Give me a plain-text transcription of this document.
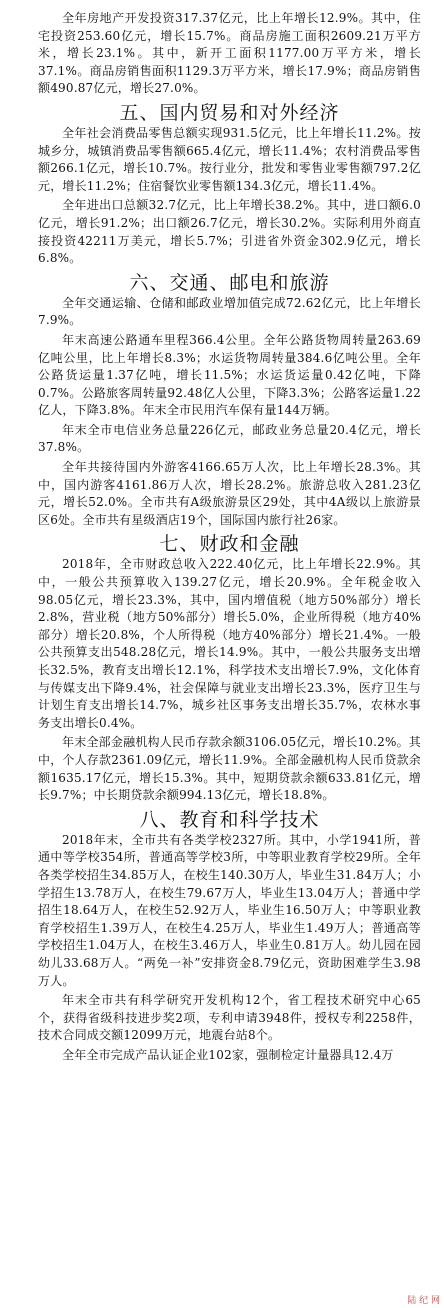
全年房地产开发投资317.37亿元，比上年增长12.9%。其中，住宅投资253.60亿元，增长15.7%。商品房施工面积2609.21万平方米，增长23.1%。其中，新开工面积1177.00万平方米，增长37.1%。商品房销售面积1129.3万平方米，增长17.9%；商品房销售额490.87亿元，增长27.0%。

五、国内贸易和对外经济

全年社会消费品零售总额实现931.5亿元，比上年增长11.2%。按城乡分，城镇消费品零售额665.4亿元，增长11.4%；农村消费品零售额266.1亿元，增长10.7%。按行业分，批发和零售业零售额797.2亿元，增长11.2%；住宿餐饮业零售额134.3亿元，增长11.4%。

全年进出口总额32.7亿元，比上年增长38.2%。其中，进口额6.0亿元，增长91.2%；出口额26.7亿元，增长30.2%。实际利用外商直接投资42211万美元，增长5.7%；引进省外资金302.9亿元，增长6.8%。

六、交通、邮电和旅游

全年交通运输、仓储和邮政业增加值完成72.62亿元，比上年增长7.9%。

年末高速公路通车里程366.4公里。全年公路货物周转量263.69亿吨公里，比上年增长8.3%；水运货物周转量384.6亿吨公里。全年公路货运量1.37亿吨，增长11.5%；水运货运量0.42亿吨，下降0.7%。公路旅客周转量92.48亿人公里，下降3.3%；公路客运量1.22亿人，下降3.8%。年末全市民用汽车保有量144万辆。

年末全市电信业务总量226亿元，邮政业务总量20.4亿元，增长37.8%。

全年共接待国内外游客4166.65万人次，比上年增长28.3%。其中，国内游客4161.86万人次，增长28.2%。旅游总收入281.23亿元，增长52.0%。全市共有A级旅游景区29处，其中4A级以上旅游景区6处。全市共有星级酒店19个，国际国内旅行社26家。

七、财政和金融

2018年，全市财政总收入222.40亿元，比上年增长22.9%。其中，一般公共预算收入139.27亿元，增长20.9%。全年税金收入98.05亿元，增长23.3%，其中，国内增值税（地方50%部分）增长2.8%，营业税（地方50%部分）增长5.0%，企业所得税（地方40%部分）增长20.8%，个人所得税（地方40%部分）增长21.4%。一般公共预算支出548.28亿元，增长14.9%。其中，一般公共服务支出增长32.5%，教育支出增长12.1%，科学技术支出增长7.9%，文化体育与传媒支出下降9.4%，社会保障与就业支出增长23.3%，医疗卫生与计划生育支出增长14.7%，城乡社区事务支出增长35.7%，农林水事务支出增长0.4%。

年末全部金融机构人民币存款余额3106.05亿元，增长10.2%。其中，个人存款2361.09亿元，增长11.9%。全部金融机构人民币贷款余额1635.17亿元，增长15.3%。其中，短期贷款余额633.81亿元，增长9.7%；中长期贷款余额994.13亿元，增长18.8%。

八、教育和科学技术

2018年末，全市共有各类学校2327所。其中，小学1941所，普通中等学校354所，普通高等学校3所，中等职业教育学校29所。全年各类学校招生34.85万人，在校生140.30万人，毕业生31.84万人；小学招生13.78万人，在校生79.67万人，毕业生13.04万人；普通中学招生18.64万人，在校生52.92万人，毕业生16.50万人；中等职业教育学校招生1.39万人，在校生4.25万人，毕业生1.49万人；普通高等学校招生1.04万人，在校生3.46万人，毕业生0.81万人。幼儿园在园幼儿33.68万人。“两免一补”安排资金8.79亿元，资助困难学生3.98万人。

年末全市共有科学研究开发机构12个，省工程技术研究中心65个，获得省级科技进步奖2项，专利申请3948件，授权专利2258件，技术合同成交额12099万元，地震台站8个。

全年全市完成产品认证企业102家，强制检定计量器具12.4万

陆 纪 网
